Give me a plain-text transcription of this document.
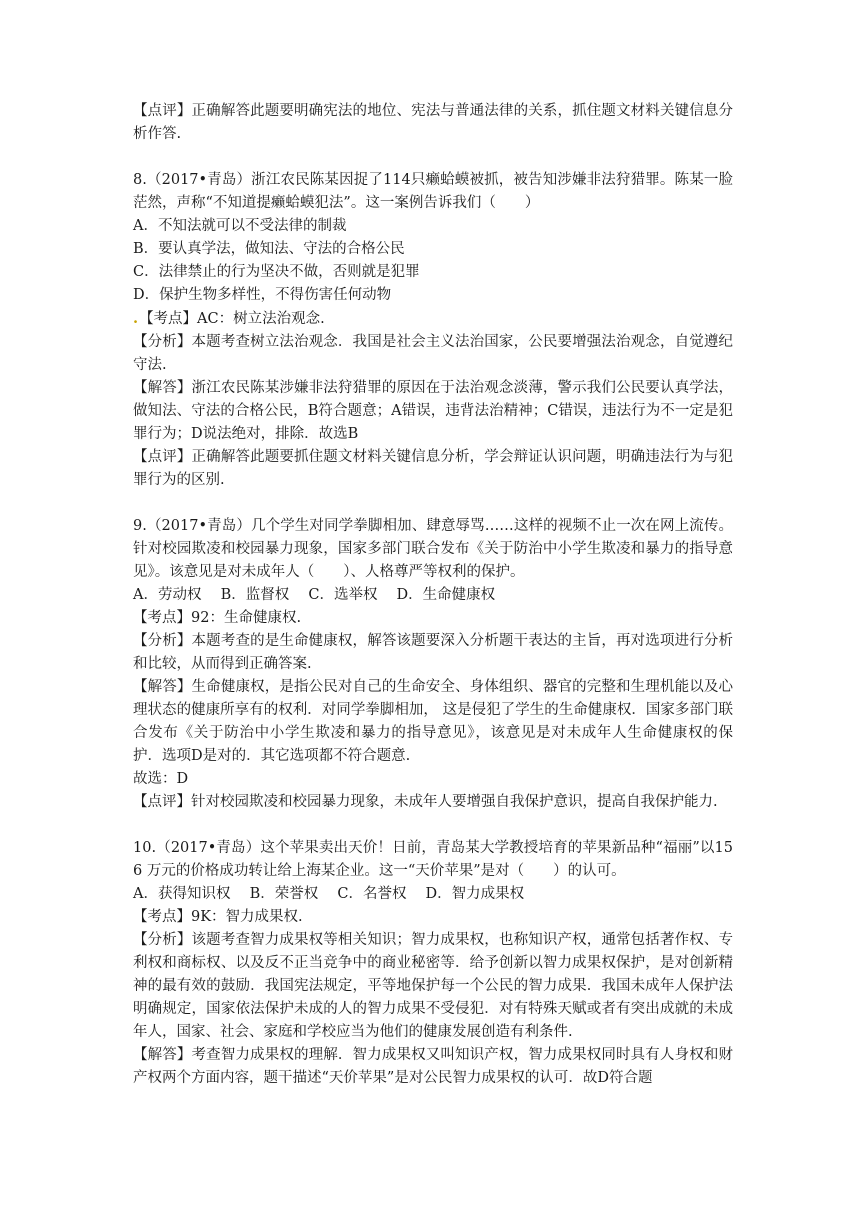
【点评】正确解答此题要明确宪法的地位、宪法与普通法律的关系，抓住题文材料关键信息分析作答.

8.（2017•青岛）浙江农民陈某因捉了114只癞蛤蟆被抓，被告知涉嫌非法狩猎罪。陈某一脸茫然，声称“不知道提癞蛤蟆犯法”。这一案例告诉我们（　　）

A．不知法就可以不受法律的制裁

B．要认真学法，做知法、守法的合格公民

C．法律禁止的行为坚决不做，否则就是犯罪

D．保护生物多样性，不得伤害任何动物

.【考点】AC：树立法治观念.

【分析】本题考查树立法治观念．我国是社会主义法治国家，公民要增强法治观念，自觉遵纪守法.

【解答】浙江农民陈某涉嫌非法狩猎罪的原因在于法治观念淡薄，警示我们公民要认真学法，做知法、守法的合格公民，B符合题意；A错误，违背法治精神；C错误，违法行为不一定是犯罪行为；D说法绝对，排除．故选B

【点评】正确解答此题要抓住题文材料关键信息分析，学会辩证认识问题，明确违法行为与犯罪行为的区别.

9.（2017•青岛）几个学生对同学拳脚相加、肆意辱骂……这样的视频不止一次在网上流传。针对校园欺凌和校园暴力现象，国家多部门联合发布《关于防治中小学生欺凌和暴力的指导意见》。该意见是对未成年人（　　）、人格尊严等权利的保护。

A．劳动权　 B．监督权　 C．选举权　 D．生命健康权

【考点】92：生命健康权.

【分析】本题考查的是生命健康权，解答该题要深入分析题干表达的主旨，再对选项进行分析和比较，从而得到正确答案.

【解答】生命健康权，是指公民对自己的生命安全、身体组织、器官的完整和生理机能以及心理状态的健康所享有的权利．对同学拳脚相加， 这是侵犯了学生的生命健康权．国家多部门联合发布《关于防治中小学生欺凌和暴力的指导意见》，该意见是对未成年人生命健康权的保护．选项D是对的．其它选项都不符合题意.

故选：D

【点评】针对校园欺凌和校园暴力现象，未成年人要增强自我保护意识，提高自我保护能力.

10.（2017•青岛）这个苹果卖出天价！日前，青岛某大学教授培育的苹果新品种“福丽”以156 万元的价格成功转让给上海某企业。这一“天价苹果”是对（　　）的认可。

A．获得知识权　 B．荣誉权　 C．名誉权　 D．智力成果权

【考点】9K：智力成果权.

【分析】该题考查智力成果权等相关知识；智力成果权，也称知识产权，通常包括著作权、专利权和商标权、以及反不正当竞争中的商业秘密等．给予创新以智力成果权保护，是对创新精神的最有效的鼓励．我国宪法规定，平等地保护每一个公民的智力成果．我国未成年人保护法明确规定，国家依法保护未成的人的智力成果不受侵犯．对有特殊天赋或者有突出成就的未成年人，国家、社会、家庭和学校应当为他们的健康发展创造有利条件.

【解答】考查智力成果权的理解．智力成果权又叫知识产权，智力成果权同时具有人身权和财产权两个方面内容，题干描述“天价苹果”是对公民智力成果权的认可．故D符合题
